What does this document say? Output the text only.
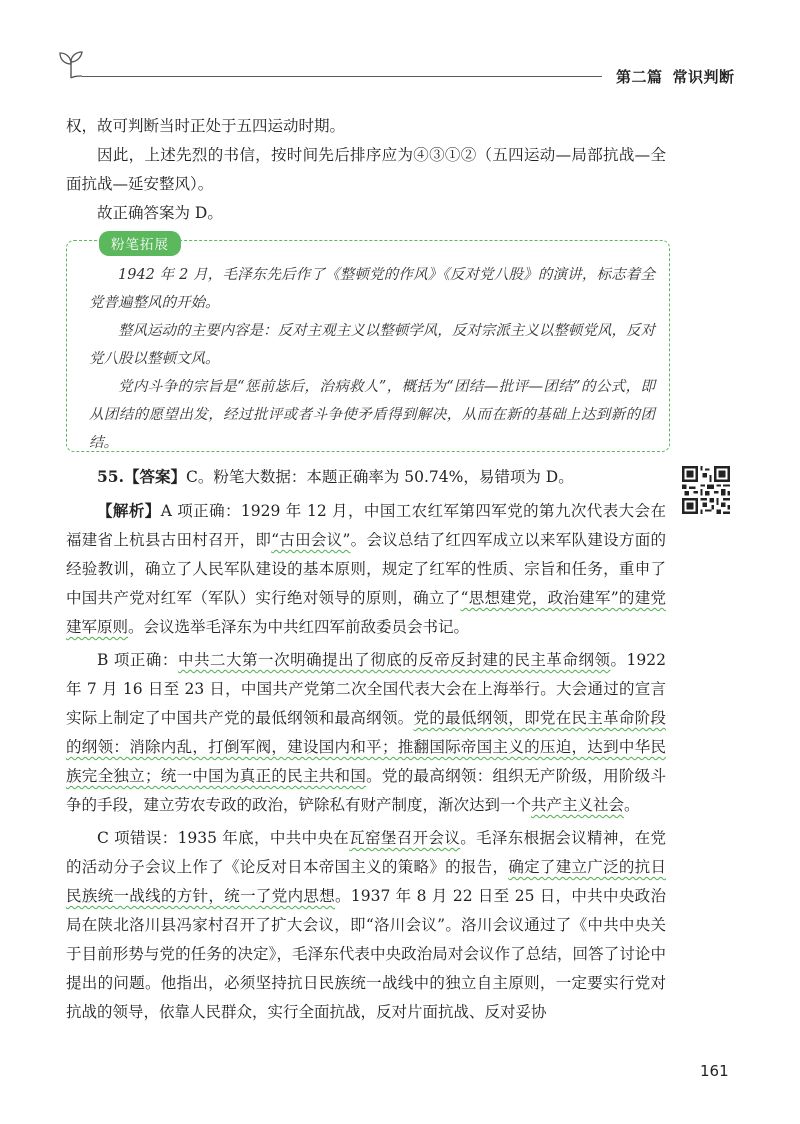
第二篇 常识判断

权，故可判断当时正处于五四运动时期。

因此，上述先烈的书信，按时间先后排序应为④③①②（五四运动—局部抗战—全面抗战—延安整风）。

故正确答案为 D。

粉笔拓展

1942 年 2 月，毛泽东先后作了《整顿党的作风》《反对党八股》的演讲，标志着全党普遍整风的开始。

整风运动的主要内容是：反对主观主义以整顿学风，反对宗派主义以整顿党风，反对党八股以整顿文风。

党内斗争的宗旨是“惩前毖后，治病救人”，概括为“团结—批评—团结”的公式，即从团结的愿望出发，经过批评或者斗争使矛盾得到解决，从而在新的基础上达到新的团结。

55.【答案】C。粉笔大数据：本题正确率为 50.74%，易错项为 D。

【解析】A 项正确：1929 年 12 月，中国工农红军第四军党的第九次代表大会在福建省上杭县古田村召开，即“古田会议”。会议总结了红四军成立以来军队建设方面的经验教训，确立了人民军队建设的基本原则，规定了红军的性质、宗旨和任务，重申了中国共产党对红军（军队）实行绝对领导的原则，确立了“思想建党，政治建军”的建党建军原则。会议选举毛泽东为中共红四军前敌委员会书记。

B 项正确：中共二大第一次明确提出了彻底的反帝反封建的民主革命纲领。1922 年 7 月 16 日至 23 日，中国共产党第二次全国代表大会在上海举行。大会通过的宣言实际上制定了中国共产党的最低纲领和最高纲领。党的最低纲领，即党在民主革命阶段的纲领：消除内乱，打倒军阀，建设国内和平；推翻国际帝国主义的压迫，达到中华民族完全独立；统一中国为真正的民主共和国。党的最高纲领：组织无产阶级，用阶级斗争的手段，建立劳农专政的政治，铲除私有财产制度，渐次达到一个共产主义社会。

C 项错误：1935 年底，中共中央在瓦窑堡召开会议。毛泽东根据会议精神，在党的活动分子会议上作了《论反对日本帝国主义的策略》的报告，确定了建立广泛的抗日民族统一战线的方针，统一了党内思想。1937 年 8 月 22 日至 25 日，中共中央政治局在陕北洛川县冯家村召开了扩大会议，即“洛川会议”。洛川会议通过了《中共中央关于目前形势与党的任务的决定》，毛泽东代表中央政治局对会议作了总结，回答了讨论中提出的问题。他指出，必须坚持抗日民族统一战线中的独立自主原则，一定要实行党对抗战的领导，依靠人民群众，实行全面抗战，反对片面抗战、反对妥协

161
